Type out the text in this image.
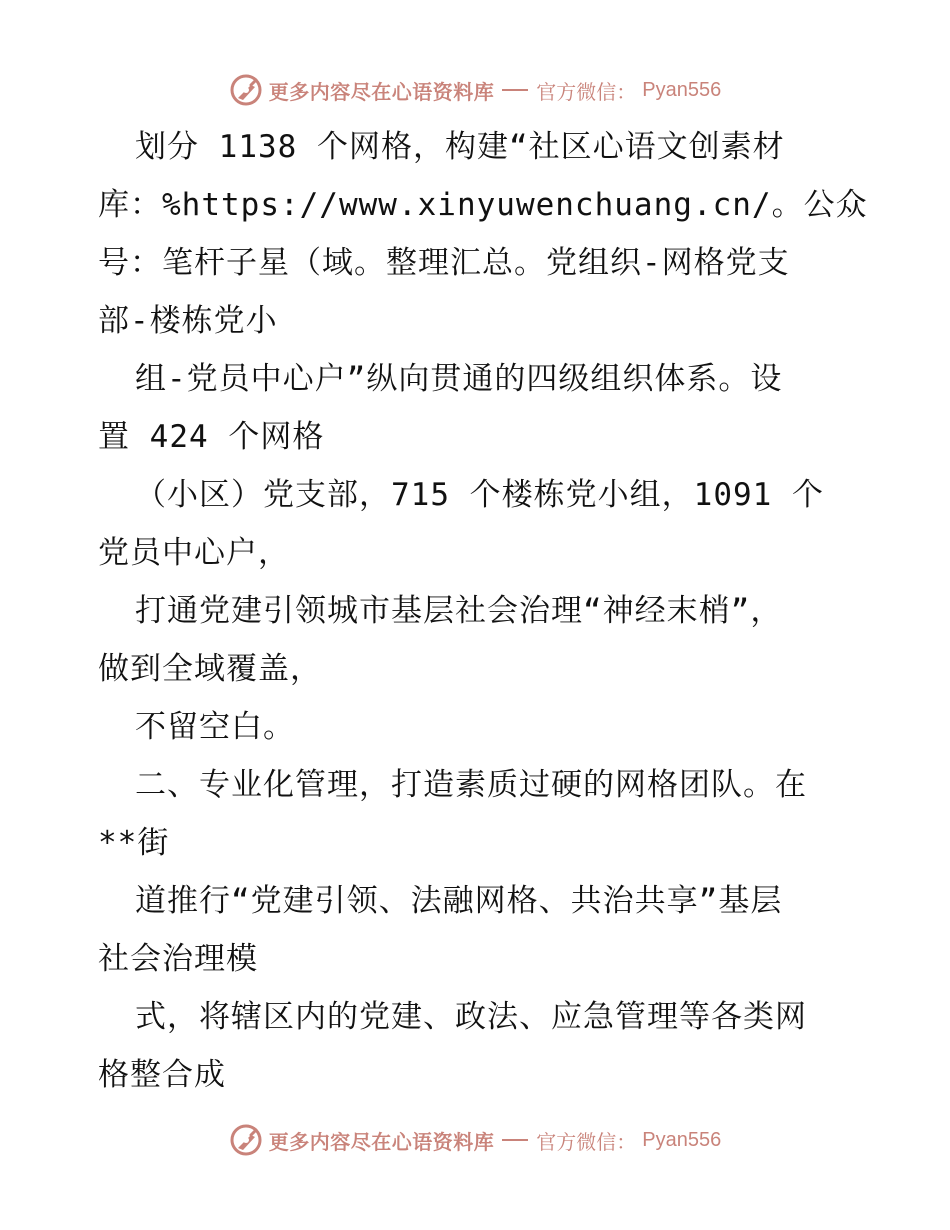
更多内容尽在心语资料库 官方微信： Pyan556
划分 1138 个网格，构建“社区心语文创素材
库：%https://www.xinyuwenchuang.cn/。公众
号：笔杆子星（域。整理汇总。党组织-网格党支
部-楼栋党小
组-党员中心户”纵向贯通的四级组织体系。设
置 424 个网格
（小区）党支部，715 个楼栋党小组，1091 个
党员中心户，
打通党建引领城市基层社会治理“神经末梢”，
做到全域覆盖，
不留空白。
二、专业化管理，打造素质过硬的网格团队。在
**街
道推行“党建引领、法融网格、共治共享”基层
社会治理模
式，将辖区内的党建、政法、应急管理等各类网
格整合成
更多内容尽在心语资料库 官方微信： Pyan556
